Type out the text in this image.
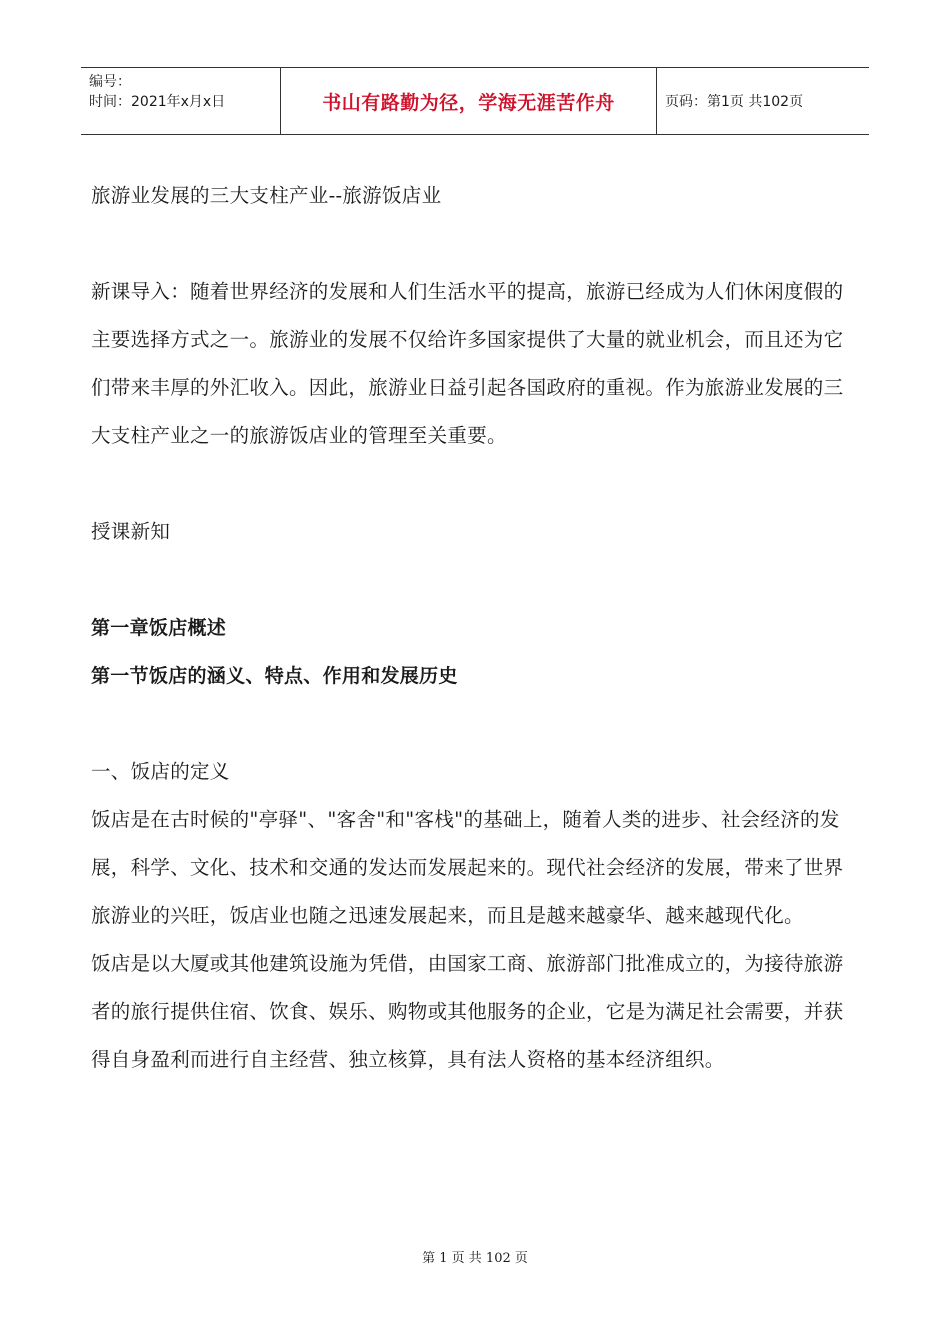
编号：
时间：2021年x月x日	书山有路勤为径，学海无涯苦作舟	页码：第1页 共102页

旅游业发展的三大支柱产业--旅游饭店业

新课导入：随着世界经济的发展和人们生活水平的提高，旅游已经成为人们休闲度假的主要选择方式之一。旅游业的发展不仅给许多国家提供了大量的就业机会，而且还为它们带来丰厚的外汇收入。因此，旅游业日益引起各国政府的重视。作为旅游业发展的三大支柱产业之一的旅游饭店业的管理至关重要。

授课新知

第一章饭店概述

第一节饭店的涵义、特点、作用和发展历史

一、饭店的定义

饭店是在古时候的"亭驿"、"客舍"和"客栈"的基础上，随着人类的进步、社会经济的发展，科学、文化、技术和交通的发达而发展起来的。现代社会经济的发展，带来了世界旅游业的兴旺，饭店业也随之迅速发展起来，而且是越来越豪华、越来越现代化。

饭店是以大厦或其他建筑设施为凭借，由国家工商、旅游部门批准成立的，为接待旅游者的旅行提供住宿、饮食、娱乐、购物或其他服务的企业，它是为满足社会需要，并获得自身盈利而进行自主经营、独立核算，具有法人资格的基本经济组织。

第 1 页 共 102 页
